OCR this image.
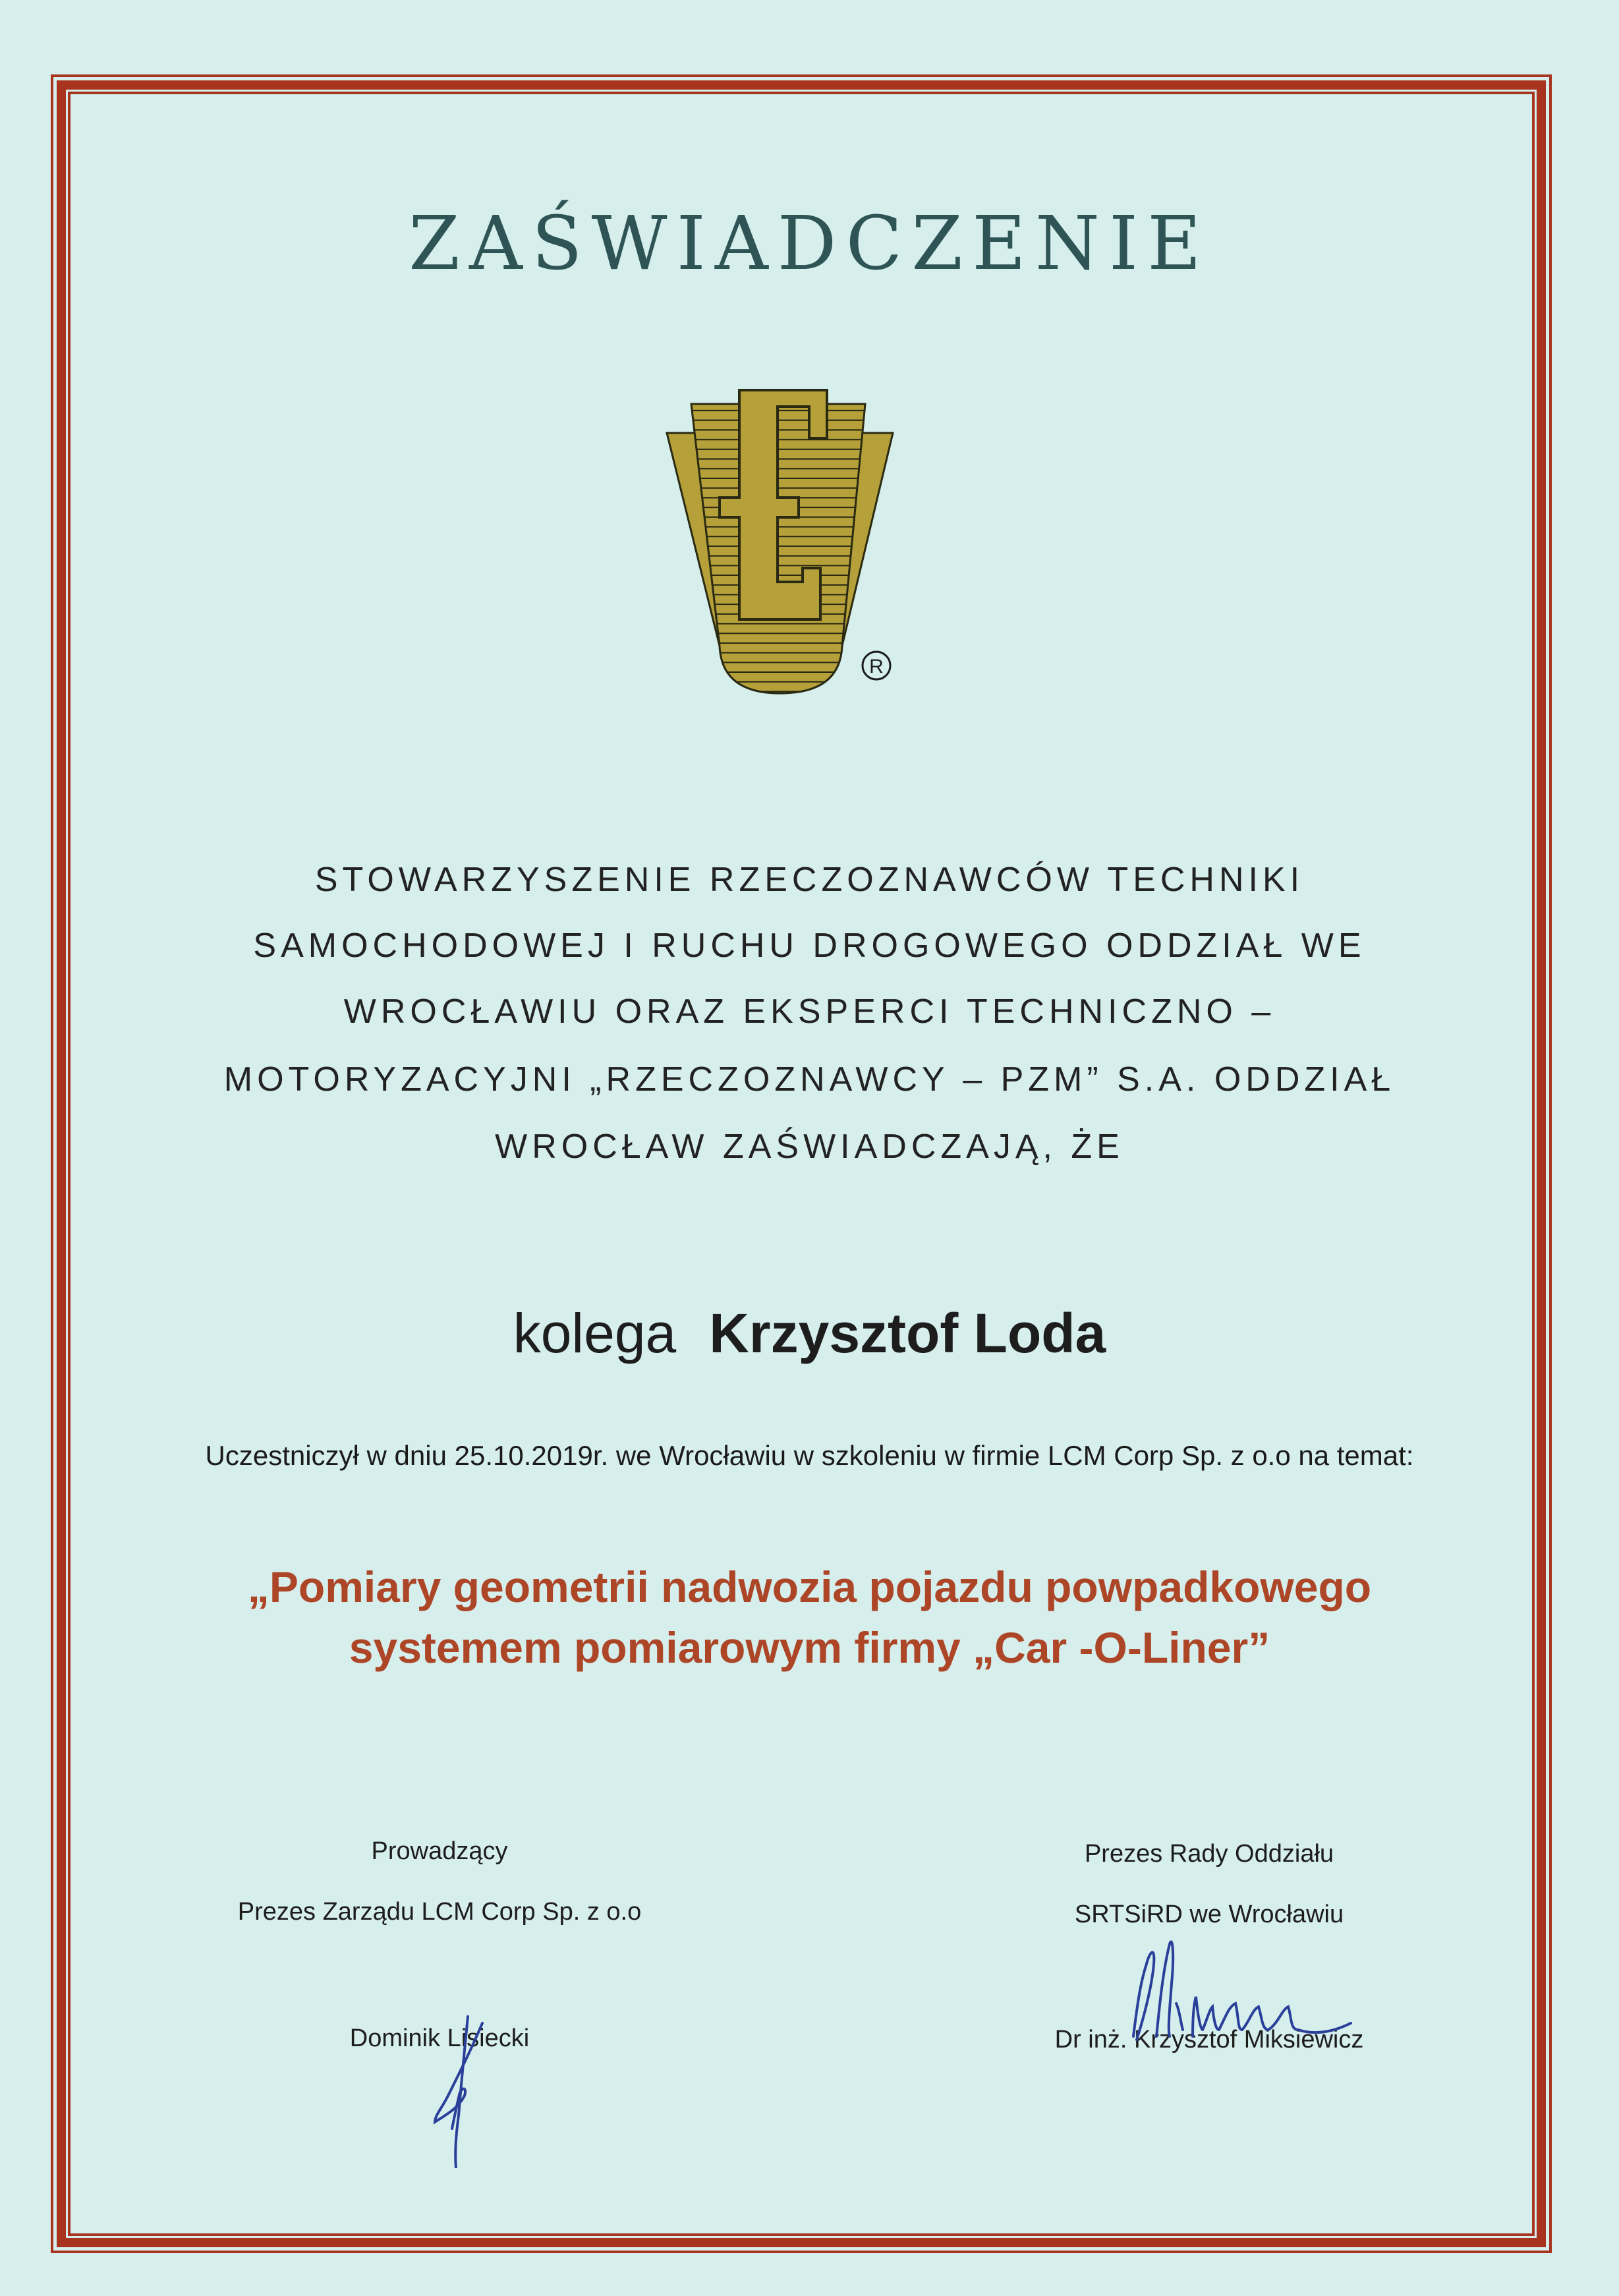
ZAŚWIADCZENIE
R
STOWARZYSZENIE RZECZOZNAWCÓW TECHNIKI
SAMOCHODOWEJ I RUCHU DROGOWEGO ODDZIAŁ WE
WROCŁAWIU ORAZ EKSPERCI TECHNICZNO –
MOTORYZACYJNI „RZECZOZNAWCY – PZM” S.A. ODDZIAŁ
WROCŁAW ZAŚWIADCZAJĄ, ŻE
kolega Krzysztof Loda
Uczestniczył w dniu 25.10.2019r. we Wrocławiu w szkoleniu w firmie LCM Corp Sp. z o.o na temat:
„Pomiary geometrii nadwozia pojazdu powpadkowego
systemem pomiarowym firmy „Car -O-Liner”
Prowadzący
Prezes Zarządu LCM Corp Sp. z o.o
Dominik Lisiecki
Prezes Rady Oddziału
SRTSiRD we Wrocławiu
Dr inż. Krzysztof Miksiewicz
